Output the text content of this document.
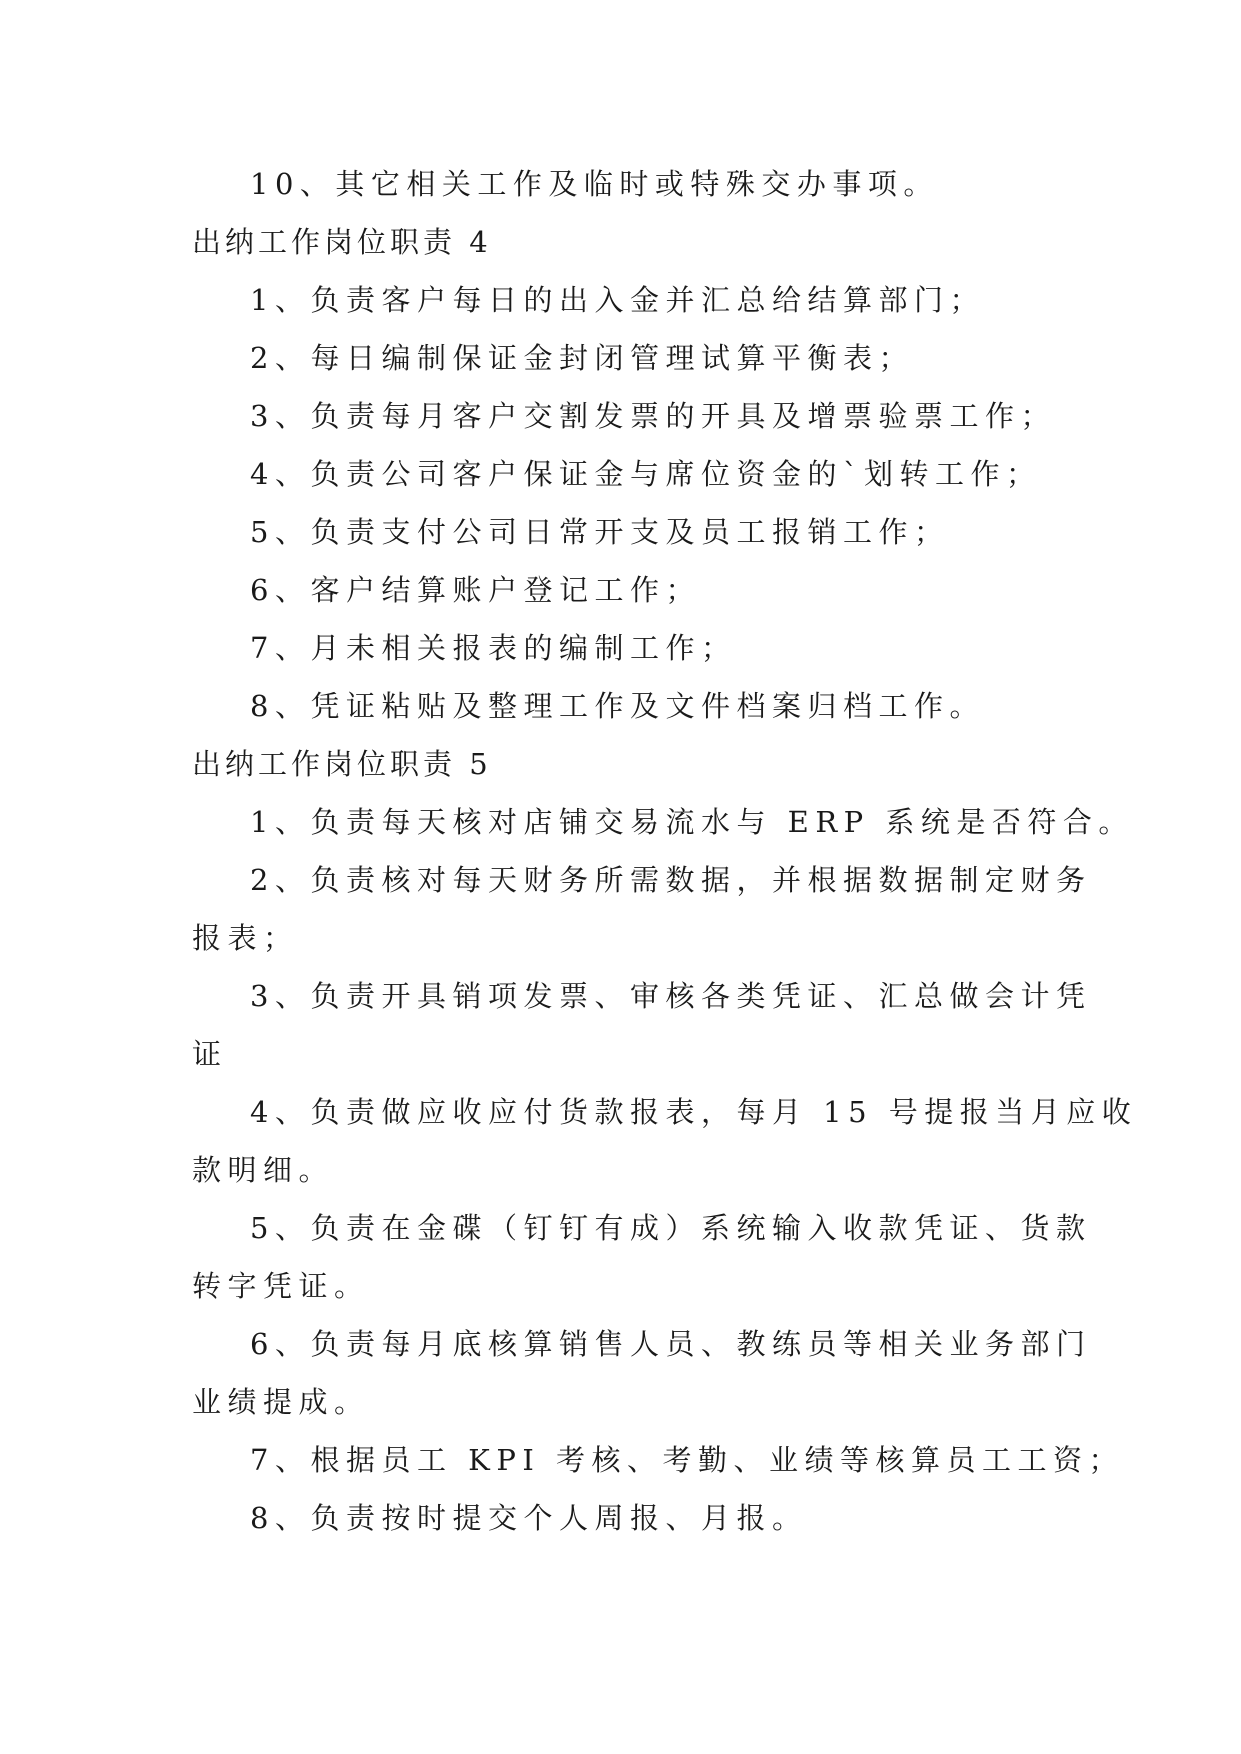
10、其它相关工作及临时或特殊交办事项。
出纳工作岗位职责 4
1、负责客户每日的出入金并汇总给结算部门；
2、每日编制保证金封闭管理试算平衡表；
3、负责每月客户交割发票的开具及增票验票工作；
4、负责公司客户保证金与席位资金的`划转工作；
5、负责支付公司日常开支及员工报销工作；
6、客户结算账户登记工作；
7、月未相关报表的编制工作；
8、凭证粘贴及整理工作及文件档案归档工作。
出纳工作岗位职责 5
1、负责每天核对店铺交易流水与 ERP 系统是否符合。
2、负责核对每天财务所需数据，并根据数据制定财务
报表；
3、负责开具销项发票、审核各类凭证、汇总做会计凭
证
4、负责做应收应付货款报表，每月 15 号提报当月应收
款明细。
5、负责在金碟（钉钉有成）系统输入收款凭证、货款
转字凭证。
6、负责每月底核算销售人员、教练员等相关业务部门
业绩提成。
7、根据员工 KPI 考核、考勤、业绩等核算员工工资；
8、负责按时提交个人周报、月报。
